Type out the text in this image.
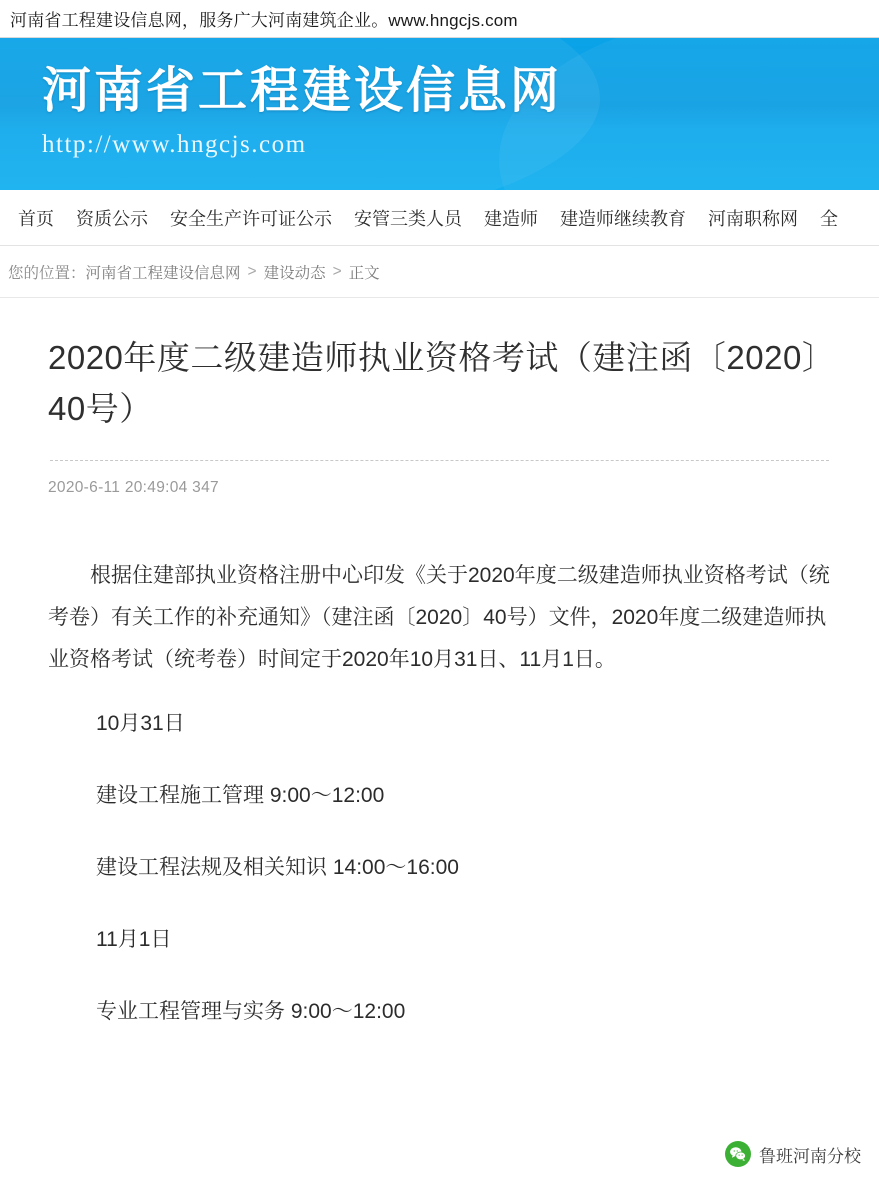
河南省工程建设信息网，服务广大河南建筑企业。www.hngcjs.com
河南省工程建设信息网
http://www.hngcjs.com
首页 资质公示 安全生产许可证公示 安管三类人员 建造师 建造师继续教育 河南职称网 全
您的位置： 河南省工程建设信息网 > 建设动态 > 正文
2020年度二级建造师执业资格考试（建注函〔2020〕40号）
2020-6-11 20:49:04 347

根据住建部执业资格注册中心印发《关于2020年度二级建造师执业资格考试（统考卷）有关工作的补充通知》（建注函〔2020〕40号）文件，2020年度二级建造师执业资格考试（统考卷）时间定于2020年10月31日、11月1日。

10月31日

建设工程施工管理 9:00～12:00

建设工程法规及相关知识 14:00～16:00

11月1日

专业工程管理与实务 9:00～12:00

鲁班河南分校
